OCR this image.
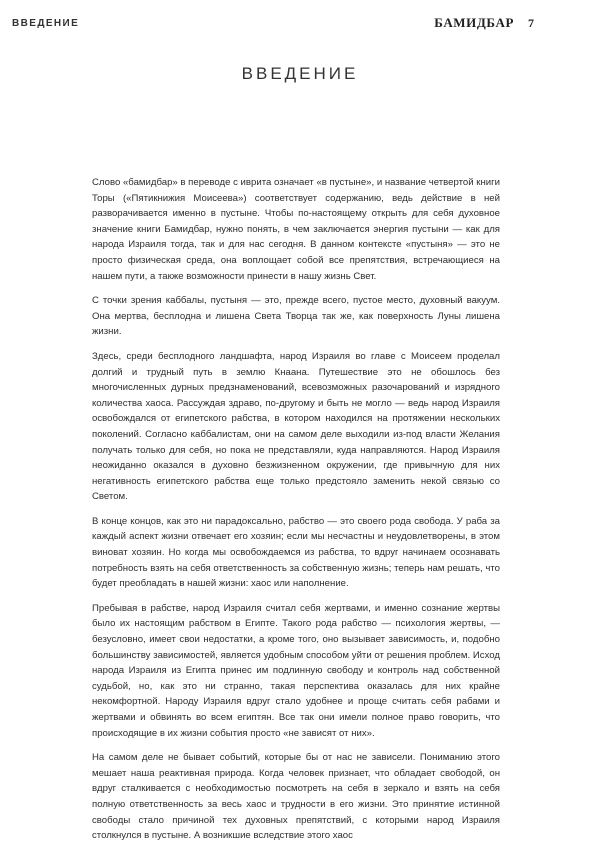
ВВЕДЕНИЕ	БАМИДБАР 7
ВВЕДЕНИЕ

Слово «бамидбар» в переводе с иврита означает «в пустыне», и название четвертой книги Торы («Пятикнижия Моисеева») соответствует содержанию, ведь действие в ней разворачивается именно в пустыне. Чтобы по-настоящему открыть для себя духовное значение книги Бамидбар, нужно понять, в чем заключается энергия пустыни — как для народа Израиля тогда, так и для нас сегодня. В данном контексте «пустыня» — это не просто физическая среда, она воплощает собой все препятствия, встречающиеся на нашем пути, а также возможности принести в нашу жизнь Свет.

С точки зрения каббалы, пустыня — это, прежде всего, пустое место, духовный вакуум. Она мертва, бесплодна и лишена Света Творца так же, как поверхность Луны лишена жизни.

Здесь, среди бесплодного ландшафта, народ Израиля во главе с Моисеем проделал долгий и трудный путь в землю Кнаана. Путешествие это не обошлось без многочисленных дурных предзнаменований, всевозможных разочарований и изрядного количества хаоса. Рассуждая здраво, по-другому и быть не могло — ведь народ Израиля освобождался от египетского рабства, в котором находился на протяжении нескольких поколений. Согласно каббалистам, они на самом деле выходили из-под власти Желания получать только для себя, но пока не представляли, куда направляются. Народ Израиля неожиданно оказался в духовно безжизненном окружении, где привычную для них негативность египетского рабства еще только предстояло заменить некой связью со Светом.

В конце концов, как это ни парадоксально, рабство — это своего рода свобода. У раба за каждый аспект жизни отвечает его хозяин; если мы несчастны и неудовлетворены, в этом виноват хозяин. Но когда мы освобождаемся из рабства, то вдруг начинаем осознавать потребность взять на себя ответственность за собственную жизнь; теперь нам решать, что будет преобладать в нашей жизни: хаос или наполнение.

Пребывая в рабстве, народ Израиля считал себя жертвами, и именно сознание жертвы было их настоящим рабством в Египте. Такого рода рабство — психология жертвы, — безусловно, имеет свои недостатки, а кроме того, оно вызывает зависимость, и, подобно большинству зависимостей, является удобным способом уйти от решения проблем. Исход народа Израиля из Египта принес им подлинную свободу и контроль над собственной судьбой, но, как это ни странно, такая перспектива оказалась для них крайне некомфортной. Народу Израиля вдруг стало удобнее и проще считать себя рабами и жертвами и обвинять во всем египтян. Все так они имели полное право говорить, что происходящие в их жизни события просто «не зависят от них».

На самом деле не бывает событий, которые бы от нас не зависели. Пониманию этого мешает наша реактивная природа. Когда человек признает, что обладает свободой, он вдруг сталкивается с необходимостью посмотреть на себя в зеркало и взять на себя полную ответственность за весь хаос и трудности в его жизни. Это принятие истинной свободы стало причиной тех духовных препятствий, с которыми народ Израиля столкнулся в пустыне. А возникшие вследствие этого хаос
